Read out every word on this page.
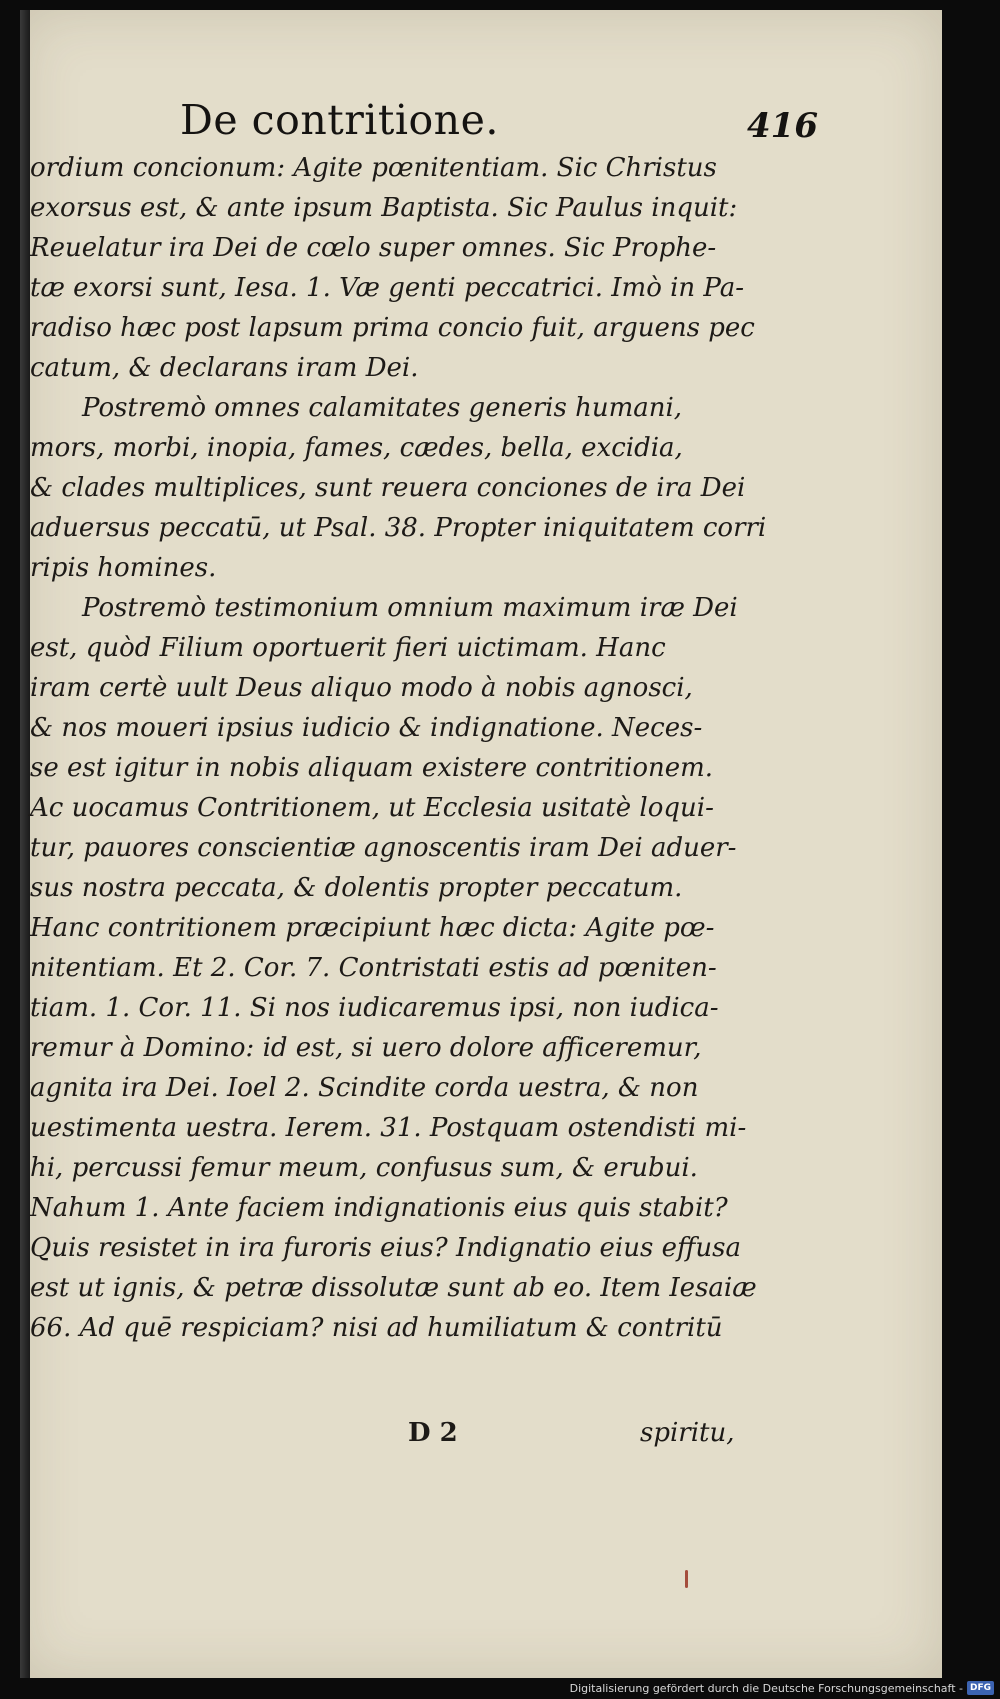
De contritione.	416
ordium concionum: Agite pœnitentiam. Sic Christus
exorsus est, & ante ipsum Baptista. Sic Paulus inquit:
Reuelatur ira Dei de cœlo super omnes. Sic Prophe-
tæ exorsi sunt, Iesa. 1. Væ genti peccatrici. Imò in Pa-
radiso hæc post lapsum prima concio fuit, arguens pec
catum, & declarans iram Dei.
Postremò omnes calamitates generis humani,
mors, morbi, inopia, fames, cædes, bella, excidia,
& clades multiplices, sunt reuera conciones de ira Dei
aduersus peccatū, ut Psal. 38. Propter iniquitatem corri
ripis homines.
Postremò testimonium omnium maximum iræ Dei
est, quòd Filium oportuerit fieri uictimam. Hanc
iram certè uult Deus aliquo modo à nobis agnosci,
& nos moueri ipsius iudicio & indignatione. Neces-
se est igitur in nobis aliquam existere contritionem.
Ac uocamus Contritionem, ut Ecclesia usitatè loqui-
tur, pauores conscientiæ agnoscentis iram Dei aduer-
sus nostra peccata, & dolentis propter peccatum.
Hanc contritionem præcipiunt hæc dicta: Agite pœ-
nitentiam. Et 2. Cor. 7. Contristati estis ad pœniten-
tiam. 1. Cor. 11. Si nos iudicaremus ipsi, non iudica-
remur à Domino: id est, si uero dolore afficeremur,
agnita ira Dei. Ioel 2. Scindite corda uestra, & non
uestimenta uestra. Ierem. 31. Postquam ostendisti mi-
hi, percussi femur meum, confusus sum, & erubui.
Nahum 1. Ante faciem indignationis eius quis stabit?
Quis resistet in ira furoris eius? Indignatio eius effusa
est ut ignis, & petræ dissolutæ sunt ab eo. Item Iesaiæ
66. Ad quē respiciam? nisi ad humiliatum & contritū
D 2	spiritu,
Digitalisierung gefördert durch die Deutsche Forschungsgemeinschaft - DFG
